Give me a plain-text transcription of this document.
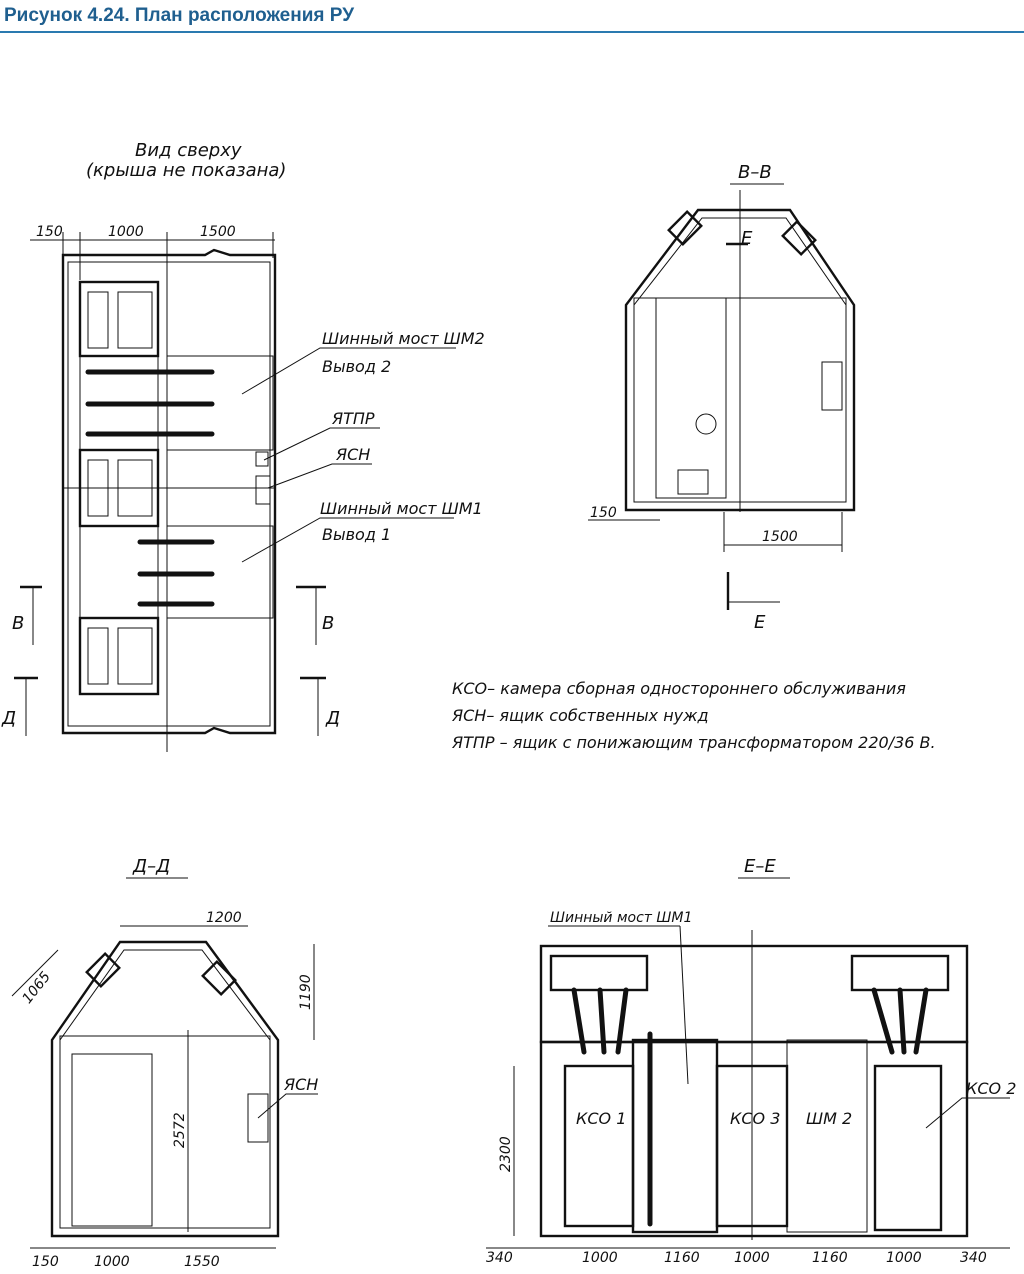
Рисунок 4.24. План расположения РУ
Вид сверху
(крыша не показана)
150	1000	1500
Шинный мост ШМ2
Вывод 2
ЯТПР
ЯСН
Шинный мост ШМ1
Вывод 1
В	В
Д	Д
В–В
Е
150
1500
Е
КСО– камера сборная одностороннего обслуживания
ЯСН– ящик собственных нужд
ЯТПР – ящик с понижающим трансформатором 220/36 В.
Д–Д
1200
1065	1190
2572
ЯСН
150	1000	1550
Е–Е
Шинный мост ШМ1
КСО 1	КСО 3 ШМ 2
КСО 2
2300
340	1000	1160 1000	1160	1000	340
